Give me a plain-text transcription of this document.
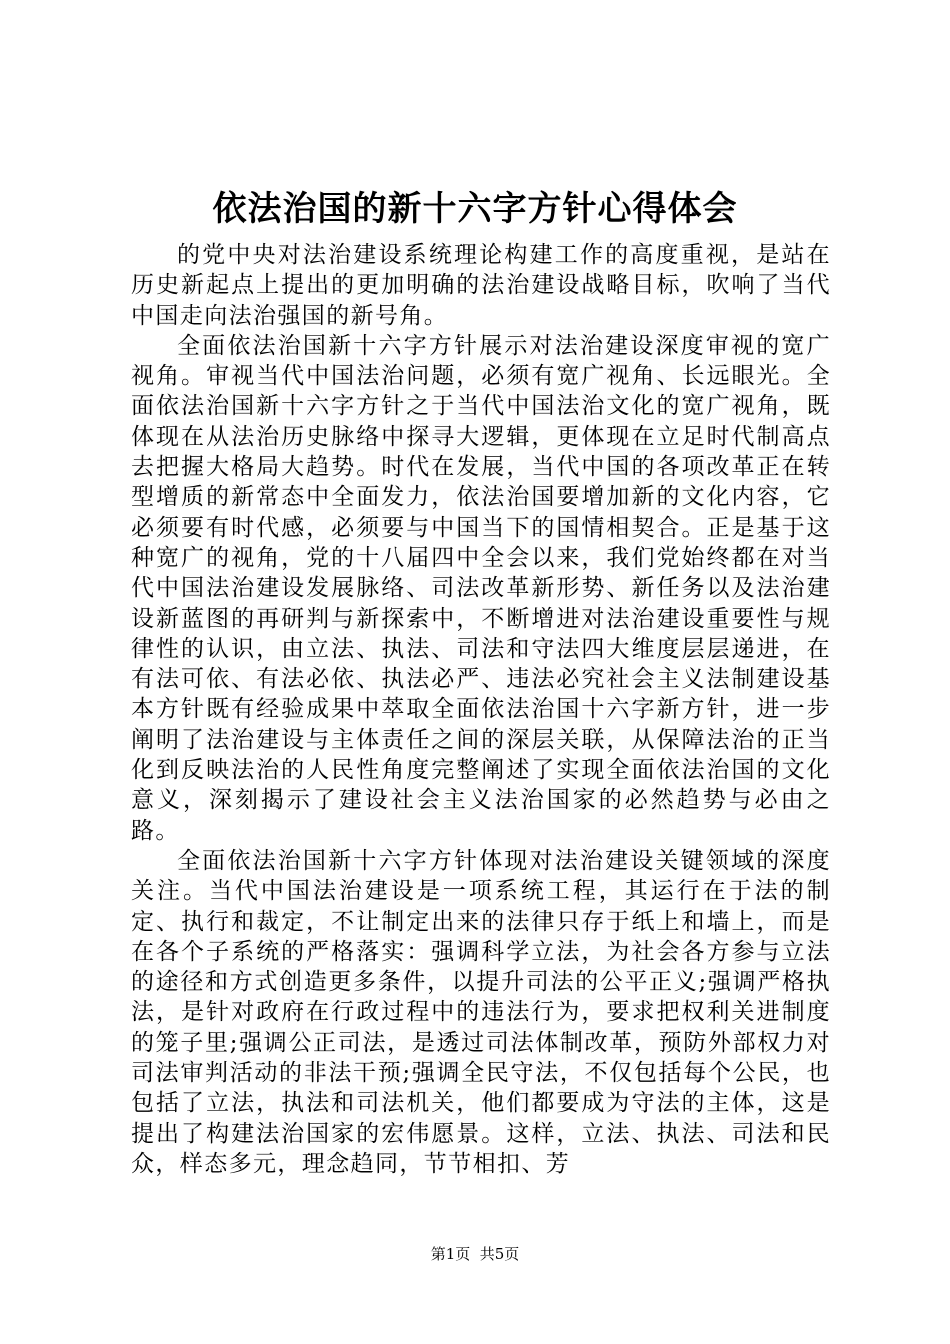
依法治国的新十六字方针心得体会

的党中央对法治建设系统理论构建工作的高度重视，是站在历史新起点上提出的更加明确的法治建设战略目标，吹响了当代中国走向法治强国的新号角。

全面依法治国新十六字方针展示对法治建设深度审视的宽广视角。审视当代中国法治问题，必须有宽广视角、长远眼光。全面依法治国新十六字方针之于当代中国法治文化的宽广视角，既体现在从法治历史脉络中探寻大逻辑，更体现在立足时代制高点去把握大格局大趋势。时代在发展，当代中国的各项改革正在转型增质的新常态中全面发力，依法治国要增加新的文化内容，它必须要有时代感，必须要与中国当下的国情相契合。正是基于这种宽广的视角，党的十八届四中全会以来，我们党始终都在对当代中国法治建设发展脉络、司法改革新形势、新任务以及法治建设新蓝图的再研判与新探索中，不断增进对法治建设重要性与规律性的认识，由立法、执法、司法和守法四大维度层层递进，在有法可依、有法必依、执法必严、违法必究社会主义法制建设基本方针既有经验成果中萃取全面依法治国十六字新方针，进一步阐明了法治建设与主体责任之间的深层关联，从保障法治的正当化到反映法治的人民性角度完整阐述了实现全面依法治国的文化意义，深刻揭示了建设社会主义法治国家的必然趋势与必由之路。

全面依法治国新十六字方针体现对法治建设关键领域的深度关注。当代中国法治建设是一项系统工程，其运行在于法的制定、执行和裁定，不让制定出来的法律只存于纸上和墙上，而是在各个子系统的严格落实：强调科学立法，为社会各方参与立法的途径和方式创造更多条件，以提升司法的公平正义;强调严格执法，是针对政府在行政过程中的违法行为，要求把权利关进制度的笼子里;强调公正司法，是透过司法体制改革，预防外部权力对司法审判活动的非法干预;强调全民守法，不仅包括每个公民，也包括了立法，执法和司法机关，他们都要成为守法的主体，这是提出了构建法治国家的宏伟愿景。这样，立法、执法、司法和民众，样态多元，理念趋同，节节相扣、芳

第1页  共5页
